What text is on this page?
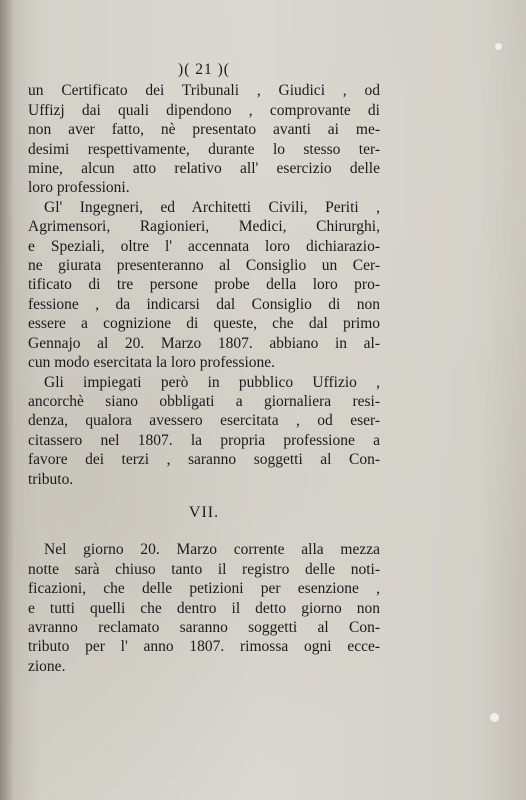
)( 21 )(
un Certificato dei Tribunali , Giudici , od
Uffizj dai quali dipendono , comprovante di
non aver fatto, nè presentato avanti ai me-
desimi respettivamente, durante lo stesso ter-
mine, alcun atto relativo all' esercizio delle
loro professioni.
Gl' Ingegneri, ed Architetti Civili, Periti ,
Agrimensori, Ragionieri, Medici, Chirurghi,
e Speziali, oltre l' accennata loro dichiarazio-
ne giurata presenteranno al Consiglio un Cer-
tificato di tre persone probe della loro pro-
fessione , da indicarsi dal Consiglio di non
essere a cognizione di queste, che dal primo
Gennajo al 20. Marzo 1807. abbiano in al-
cun modo esercitata la loro professione.
Gli impiegati però in pubblico Uffizio ,
ancorchè siano obbligati a giornaliera resi-
denza, qualora avessero esercitata , od eser-
citassero nel 1807. la propria professione a
favore dei terzi , saranno soggetti al Con-
tributo.
VII.
Nel giorno 20. Marzo corrente alla mezza
notte sarà chiuso tanto il registro delle noti-
ficazioni, che delle petizioni per esenzione ,
e tutti quelli che dentro il detto giorno non
avranno reclamato saranno soggetti al Con-
tributo per l' anno 1807. rimossa ogni ecce-
zione.
